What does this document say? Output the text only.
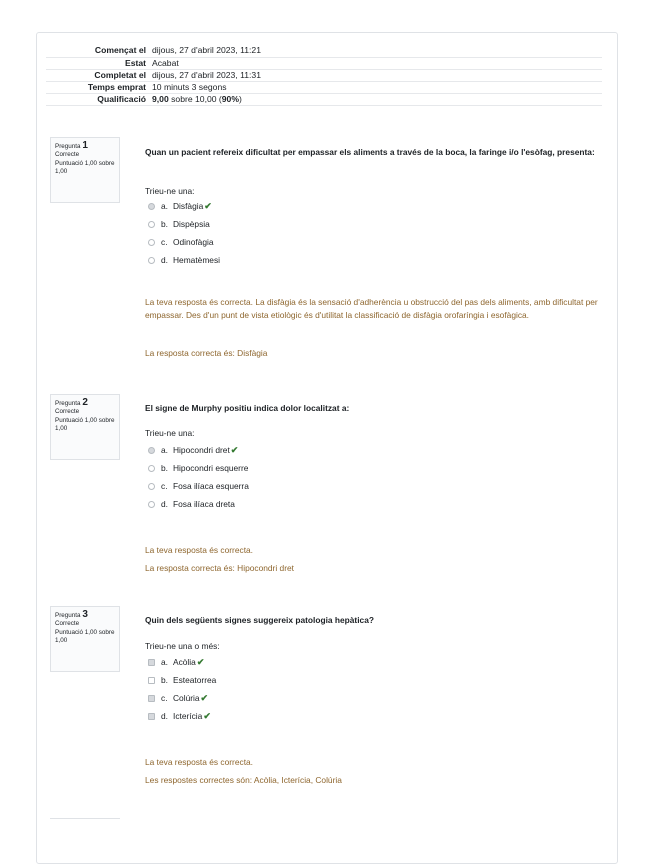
Començat el	dijous, 27 d'abril 2023, 11:21
Estat	Acabat
Completat el	dijous, 27 d'abril 2023, 11:31
Temps emprat	10 minuts 3 segons
Qualificació	9,00 sobre 10,00 (90%)
Pregunta 1
Correcte
Puntuació 1,00 sobre 1,00
Quan un pacient refereix dificultat per empassar els aliments a través de la boca, la faringe i/o l'esòfag, presenta:
Trieu-ne una:
a. Disfàgia✔
b. Dispèpsia
c. Odinofàgia
d. Hematèmesi
La teva resposta és correcta. La disfàgia és la sensació d'adherència u obstrucció del pas dels aliments, amb dificultat per empassar. Des d'un punt de vista etiològic és d'utilitat la classificació de disfàgia orofaríngia i esofàgica.
La resposta correcta és: Disfàgia
Pregunta 2
Correcte
Puntuació 1,00 sobre 1,00
El signe de Murphy positiu indica dolor localitzat a:
Trieu-ne una:
a. Hipocondri dret✔
b. Hipocondri esquerre
c. Fosa ilíaca esquerra
d. Fosa ilíaca dreta
La teva resposta és correcta.
La resposta correcta és: Hipocondri dret
Pregunta 3
Correcte
Puntuació 1,00 sobre 1,00
Quin dels següents signes suggereix patologia hepàtica?
Trieu-ne una o més:
a. Acòlia✔
b. Esteatorrea
c. Colúria✔
d. Icterícia✔
La teva resposta és correcta.
Les respostes correctes són: Acòlia, Icterícia, Colúria
